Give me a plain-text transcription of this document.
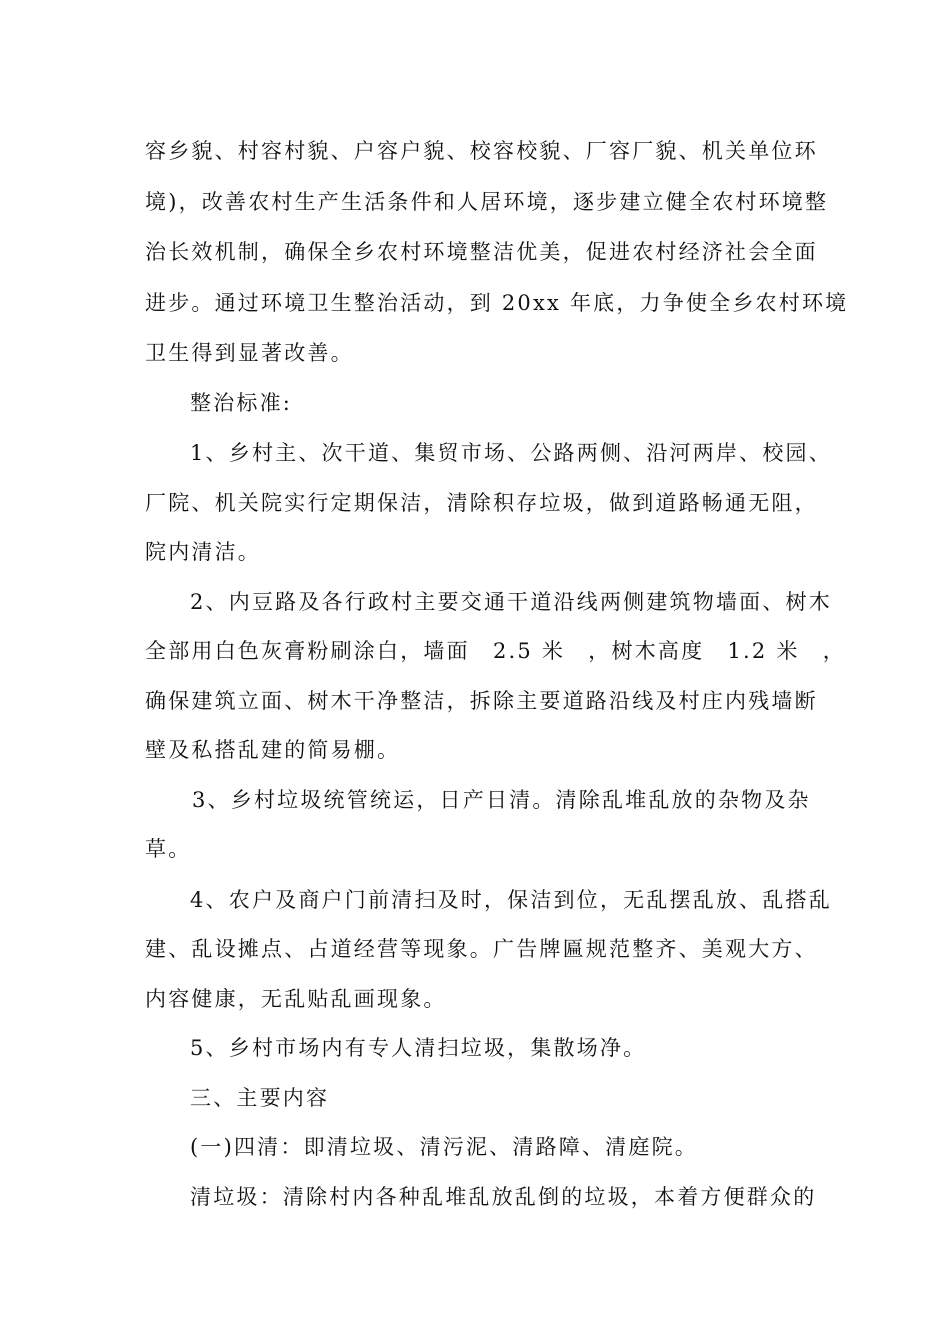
容乡貌、村容村貌、户容户貌、校容校貌、厂容厂貌、机关单位环
境)，改善农村生产生活条件和人居环境，逐步建立健全农村环境整
治长效机制，确保全乡农村环境整洁优美，促进农村经济社会全面
进步。通过环境卫生整治活动，到 20xx 年底，力争使全乡农村环境
卫生得到显著改善。
整治标准:
1、乡村主、次干道、集贸市场、公路两侧、沿河两岸、校园、
厂院、机关院实行定期保洁，清除积存垃圾，做到道路畅通无阻，
院内清洁。
2、内豆路及各行政村主要交通干道沿线两侧建筑物墙面、树木
全部用白色灰膏粉刷涂白，墙面　2.5 米　，树木高度　1.2 米　，
确保建筑立面、树木干净整洁，拆除主要道路沿线及村庄内残墙断
壁及私搭乱建的简易棚。
3、乡村垃圾统管统运，日产日清。清除乱堆乱放的杂物及杂
草。
4、农户及商户门前清扫及时，保洁到位，无乱摆乱放、乱搭乱
建、乱设摊点、占道经营等现象。广告牌匾规范整齐、美观大方、
内容健康，无乱贴乱画现象。
5、乡村市场内有专人清扫垃圾，集散场净。
三、主要内容
(一)四清：即清垃圾、清污泥、清路障、清庭院。
清垃圾：清除村内各种乱堆乱放乱倒的垃圾，本着方便群众的
